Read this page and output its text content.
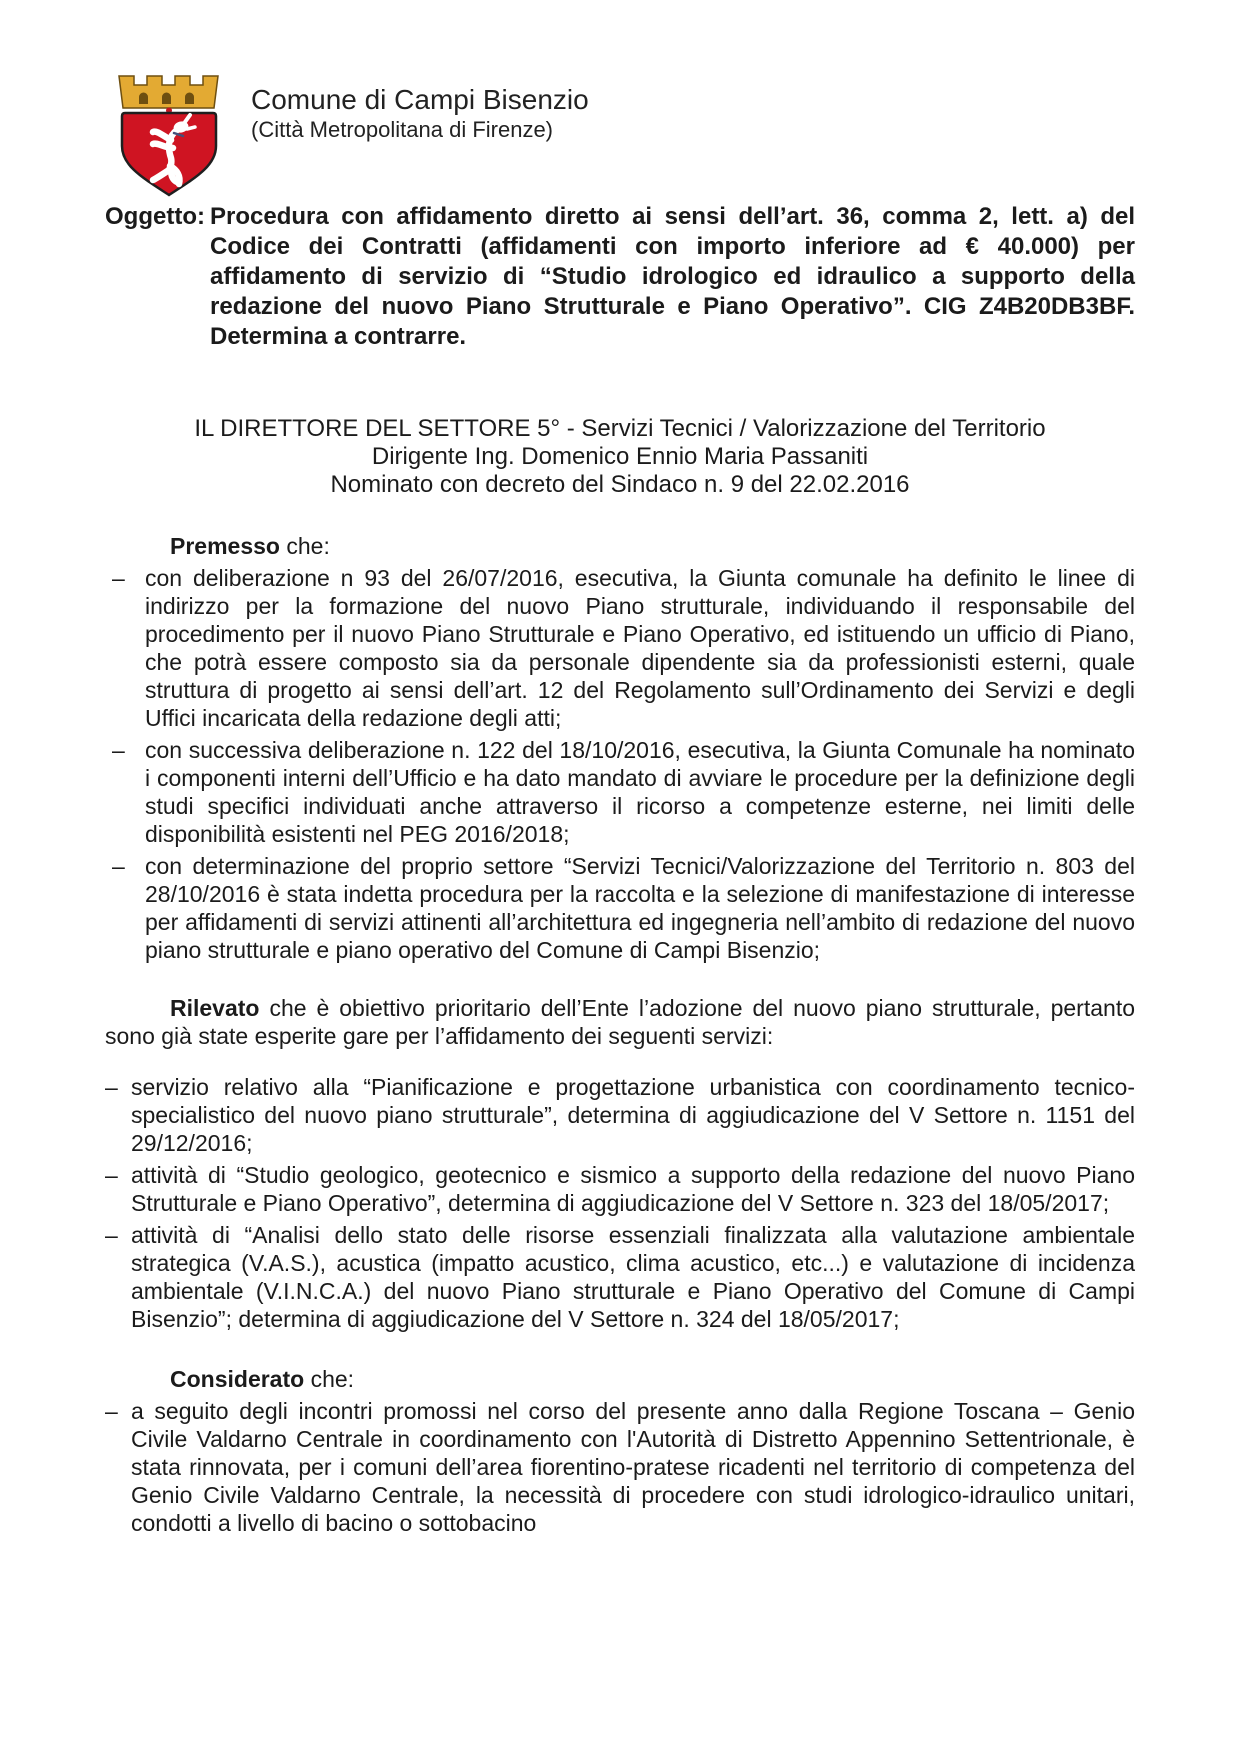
Comune di Campi Bisenzio
(Città Metropolitana di Firenze)
Oggetto: Procedura con affidamento diretto ai sensi dell’art. 36, comma 2, lett. a) del Codice dei Contratti (affidamenti con importo inferiore ad € 40.000) per affidamento di servizio di “Studio idrologico ed idraulico a supporto della redazione del nuovo Piano Strutturale e Piano Operativo”. CIG Z4B20DB3BF. Determina a contrarre.
IL DIRETTORE DEL SETTORE 5° - Servizi Tecnici / Valorizzazione del Territorio
Dirigente Ing. Domenico Ennio Maria Passaniti
Nominato con decreto del Sindaco n. 9 del 22.02.2016

Premesso che:

– con deliberazione n 93 del 26/07/2016, esecutiva, la Giunta comunale ha definito le linee di indirizzo per la formazione del nuovo Piano strutturale, individuando il responsabile del procedimento per il nuovo Piano Strutturale e Piano Operativo, ed istituendo un ufficio di Piano, che potrà essere composto sia da personale dipendente sia da professionisti esterni, quale struttura di progetto ai sensi dell’art. 12 del Regolamento sull’Ordinamento dei Servizi e degli Uffici incaricata della redazione degli atti;
– con successiva deliberazione n. 122 del 18/10/2016, esecutiva, la Giunta Comunale ha nominato i componenti interni dell’Ufficio e ha dato mandato di avviare le procedure per la definizione degli studi specifici individuati anche attraverso il ricorso a competenze esterne, nei limiti delle disponibilità esistenti nel PEG 2016/2018;
– con determinazione del proprio settore “Servizi Tecnici/Valorizzazione del Territorio n. 803 del 28/10/2016 è stata indetta procedura per la raccolta e la selezione di manifestazione di interesse per affidamenti di servizi attinenti all’architettura ed ingegneria nell’ambito di redazione del nuovo piano strutturale e piano operativo del Comune di Campi Bisenzio;

Rilevato che è obiettivo prioritario dell’Ente l’adozione del nuovo piano strutturale, pertanto sono già state esperite gare per l’affidamento dei seguenti servizi:

– servizio relativo alla “Pianificazione e progettazione urbanistica con coordinamento tecnico-specialistico del nuovo piano strutturale”, determina di aggiudicazione del V Settore n. 1151 del 29/12/2016;
– attività di “Studio geologico, geotecnico e sismico a supporto della redazione del nuovo Piano Strutturale e Piano Operativo”, determina di aggiudicazione del V Settore n. 323 del 18/05/2017;
– attività di “Analisi dello stato delle risorse essenziali finalizzata alla valutazione ambientale strategica (V.A.S.), acustica (impatto acustico, clima acustico, etc...) e valutazione di incidenza ambientale (V.I.N.C.A.) del nuovo Piano strutturale e Piano Operativo del Comune di Campi Bisenzio”; determina di aggiudicazione del V Settore n. 324 del 18/05/2017;

Considerato che:

– a seguito degli incontri promossi nel corso del presente anno dalla Regione Toscana – Genio Civile Valdarno Centrale in coordinamento con l'Autorità di Distretto Appennino Settentrionale, è stata rinnovata, per i comuni dell’area fiorentino-pratese ricadenti nel territorio di competenza del Genio Civile Valdarno Centrale, la necessità di procedere con studi idrologico-idraulico unitari, condotti a livello di bacino o sottobacino
